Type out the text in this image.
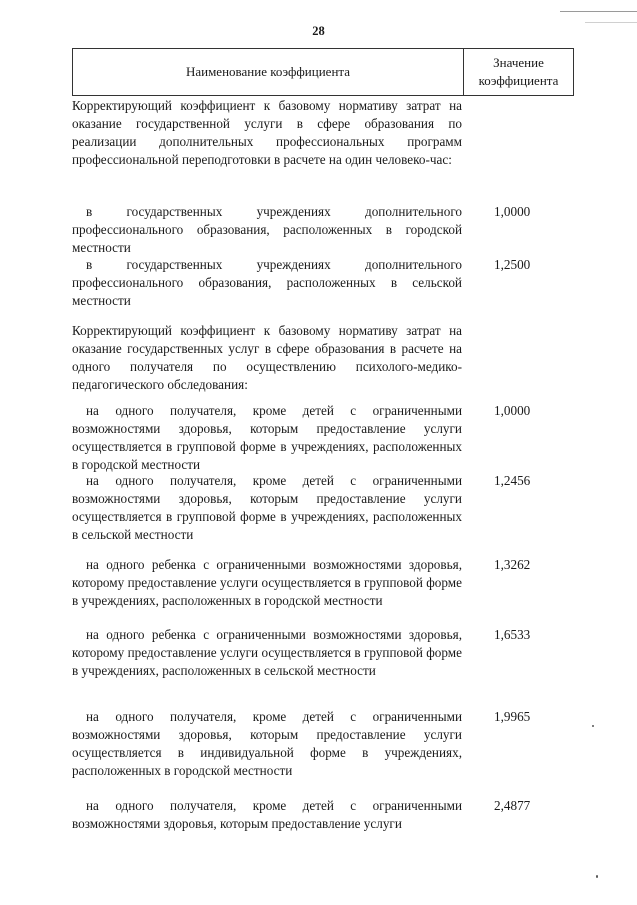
28
Наименование коэффициента
Значение
коэффициента
Корректирующий коэффициент к базовому нормативу затрат на оказание государственной услуги в сфере образования по реализации дополнительных профессиональных программ профессиональной переподготовки в расчете на один человеко-час:
в государственных учреждениях дополнительного профессионального образования, расположенных в городской местности
1,0000
в государственных учреждениях дополнительного профессионального образования, расположенных в сельской местности
1,2500
Корректирующий коэффициент к базовому нормативу затрат на оказание государственных услуг в сфере образования в расчете на одного получателя по осуществлению психолого-медико-педагогического обследования:
на одного получателя, кроме детей с ограниченными возможностями здоровья, которым предоставление услуги осуществляется в групповой форме в учреждениях, расположенных в городской местности
1,0000
на одного получателя, кроме детей с ограниченными возможностями здоровья, которым предоставление услуги осуществляется в групповой форме в учреждениях, расположенных в сельской местности
1,2456
на одного ребенка с ограниченными возможностями здоровья, которому предоставление услуги осуществляется в групповой форме в учреждениях, расположенных в городской местности
1,3262
на одного ребенка с ограниченными возможностями здоровья, которому предоставление услуги осуществляется в групповой форме в учреждениях, расположенных в сельской местности
1,6533
на одного получателя, кроме детей с ограниченными возможностями здоровья, которым предоставление услуги осуществляется в индивидуальной форме в учреждениях, расположенных в городской местности
1,9965
на одного получателя, кроме детей с ограниченными возможностями здоровья, которым предоставление услуги
2,4877
